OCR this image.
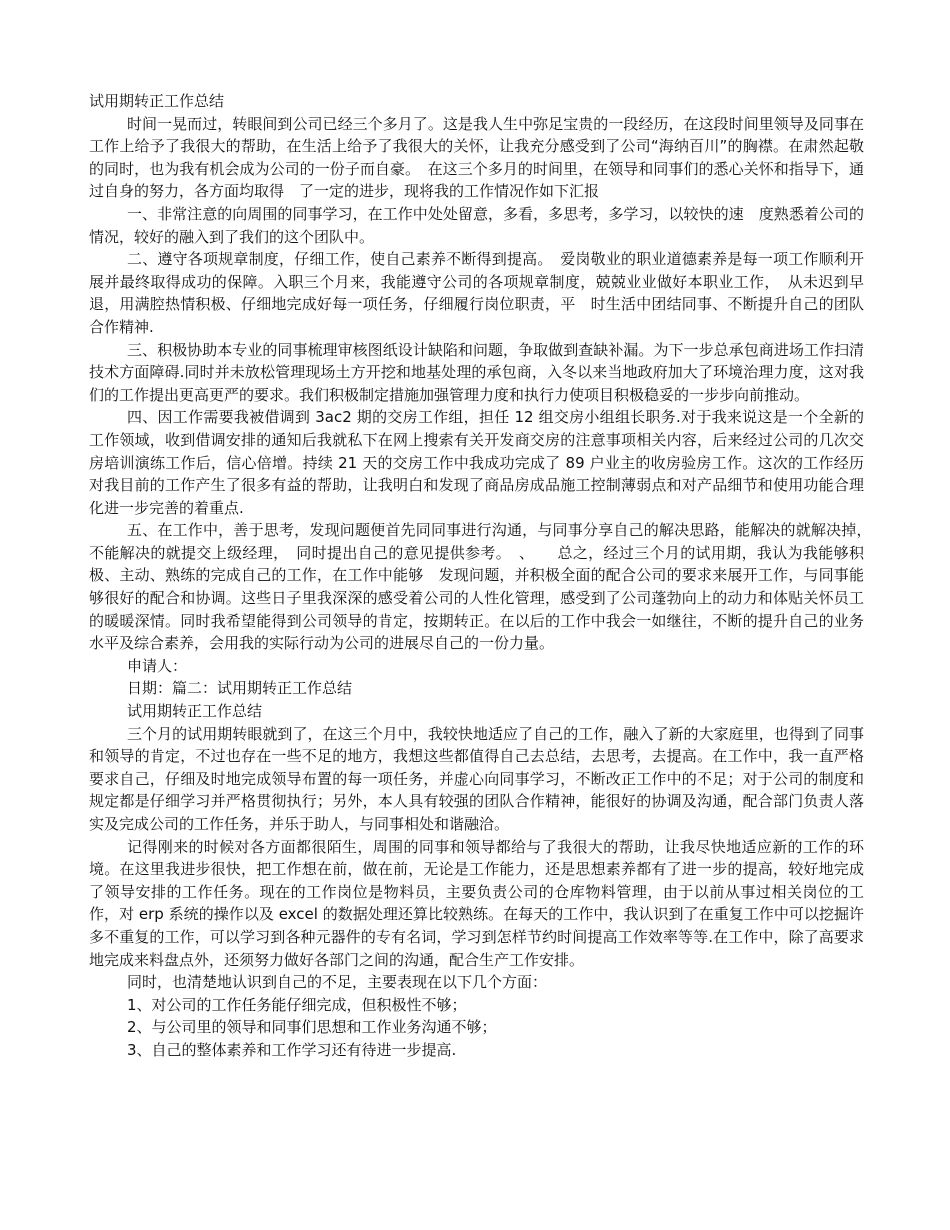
试用期转正工作总结

时间一晃而过，转眼间到公司已经三个多月了。这是我人生中弥足宝贵的一段经历，在这段时间里领导及同事在工作上给予了我很大的帮助，在生活上给予了我很大的关怀，让我充分感受到了公司“海纳百川”的胸襟。在肃然起敬的同时，也为我有机会成为公司的一份子而自豪。　在这三个多月的时间里，在领导和同事们的悉心关怀和指导下，通过自身的努力，各方面均取得　了一定的进步，现将我的工作情况作如下汇报

一、非常注意的向周围的同事学习，在工作中处处留意，多看，多思考，多学习，以较快的速　度熟悉着公司的情况，较好的融入到了我们的这个团队中。

二、遵守各项规章制度，仔细工作，使自己素养不断得到提高。　爱岗敬业的职业道德素养是每一项工作顺利开展并最终取得成功的保障。入职三个月来，我能遵守公司的各项规章制度，兢兢业业做好本职业工作，　从未迟到早退，用满腔热情积极、仔细地完成好每一项任务，仔细履行岗位职责，平　时生活中团结同事、不断提升自己的团队合作精神.

三、积极协助本专业的同事梳理审核图纸设计缺陷和问题，争取做到查缺补漏。为下一步总承包商进场工作扫清技术方面障碍.同时并未放松管理现场土方开挖和地基处理的承包商，入冬以来当地政府加大了环境治理力度，这对我们的工作提出更高更严的要求。我们积极制定措施加强管理力度和执行力使项目积极稳妥的一步步向前推动。

四、因工作需要我被借调到 3ac2 期的交房工作组，担任 12 组交房小组组长职务.对于我来说这是一个全新的工作领域，收到借调安排的通知后我就私下在网上搜索有关开发商交房的注意事项相关内容，后来经过公司的几次交房培训演练工作后，信心倍增。持续 21 天的交房工作中我成功完成了 89 户业主的收房验房工作。这次的工作经历对我目前的工作产生了很多有益的帮助，让我明白和发现了商品房成品施工控制薄弱点和对产品细节和使用功能合理化进一步完善的着重点.

五、在工作中，善于思考，发现问题便首先同同事进行沟通，与同事分享自己的解决思路，能解决的就解决掉，　不能解决的就提交上级经理，　同时提出自己的意见提供参考。　、　　总之，经过三个月的试用期，我认为我能够积极、主动、熟练的完成自己的工作，在工作中能够　发现问题，并积极全面的配合公司的要求来展开工作，与同事能够很好的配合和协调。这些日子里我深深的感受着公司的人性化管理，感受到了公司蓬勃向上的动力和体贴关怀员工的暖暖深情。同时我希望能得到公司领导的肯定，按期转正。在以后的工作中我会一如继往，不断的提升自己的业务水平及综合素养，会用我的实际行动为公司的进展尽自己的一份力量。

申请人：

日期：篇二：试用期转正工作总结

试用期转正工作总结

三个月的试用期转眼就到了，在这三个月中，我较快地适应了自己的工作，融入了新的大家庭里，也得到了同事和领导的肯定，不过也存在一些不足的地方，我想这些都值得自己去总结，去思考，去提高。在工作中，我一直严格要求自己，仔细及时地完成领导布置的每一项任务，并虚心向同事学习，不断改正工作中的不足；对于公司的制度和规定都是仔细学习并严格贯彻执行；另外，本人具有较强的团队合作精神，能很好的协调及沟通，配合部门负责人落实及完成公司的工作任务，并乐于助人，与同事相处和谐融洽。

记得刚来的时候对各方面都很陌生，周围的同事和领导都给与了我很大的帮助，让我尽快地适应新的工作的环境。在这里我进步很快，把工作想在前，做在前，无论是工作能力，还是思想素养都有了进一步的提高，较好地完成了领导安排的工作任务。现在的工作岗位是物料员，主要负责公司的仓库物料管理，由于以前从事过相关岗位的工作，对 erp 系统的操作以及 excel 的数据处理还算比较熟练。在每天的工作中，我认识到了在重复工作中可以挖掘许多不重复的工作，可以学习到各种元器件的专有名词，学习到怎样节约时间提高工作效率等等.在工作中，除了高要求地完成来料盘点外，还须努力做好各部门之间的沟通，配合生产工作安排。

同时，也清楚地认识到自己的不足，主要表现在以下几个方面：

1、对公司的工作任务能仔细完成，但积极性不够；

2、与公司里的领导和同事们思想和工作业务沟通不够；

3、自己的整体素养和工作学习还有待进一步提高.
